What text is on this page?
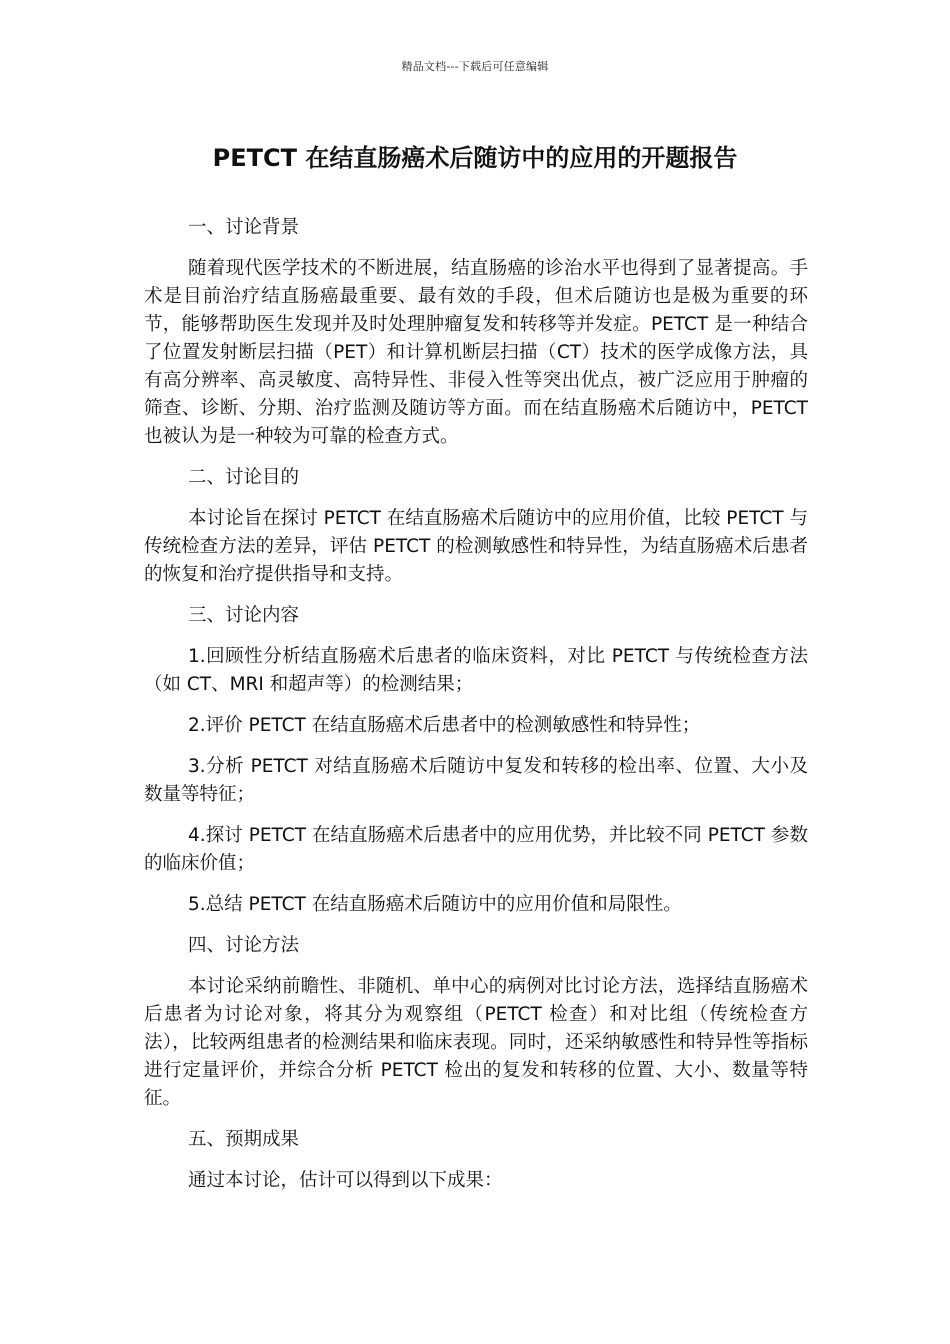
精品文档---下载后可任意编辑
PETCT 在结直肠癌术后随访中的应用的开题报告

一、讨论背景

随着现代医学技术的不断进展，结直肠癌的诊治水平也得到了显著提高。手术是目前治疗结直肠癌最重要、最有效的手段，但术后随访也是极为重要的环节，能够帮助医生发现并及时处理肿瘤复发和转移等并发症。PETCT 是一种结合了位置发射断层扫描（PET）和计算机断层扫描（CT）技术的医学成像方法，具有高分辨率、高灵敏度、高特异性、非侵入性等突出优点，被广泛应用于肿瘤的筛查、诊断、分期、治疗监测及随访等方面。而在结直肠癌术后随访中，PETCT 也被认为是一种较为可靠的检查方式。

二、讨论目的

本讨论旨在探讨 PETCT 在结直肠癌术后随访中的应用价值，比较 PETCT 与传统检查方法的差异，评估 PETCT 的检测敏感性和特异性，为结直肠癌术后患者的恢复和治疗提供指导和支持。

三、讨论内容

1.回顾性分析结直肠癌术后患者的临床资料，对比 PETCT 与传统检查方法（如 CT、MRI 和超声等）的检测结果；

2.评价 PETCT 在结直肠癌术后患者中的检测敏感性和特异性；

3.分析 PETCT 对结直肠癌术后随访中复发和转移的检出率、位置、大小及数量等特征；

4.探讨 PETCT 在结直肠癌术后患者中的应用优势，并比较不同 PETCT 参数的临床价值；

5.总结 PETCT 在结直肠癌术后随访中的应用价值和局限性。

四、讨论方法

本讨论采纳前瞻性、非随机、单中心的病例对比讨论方法，选择结直肠癌术后患者为讨论对象，将其分为观察组（PETCT 检查）和对比组（传统检查方法），比较两组患者的检测结果和临床表现。同时，还采纳敏感性和特异性等指标进行定量评价，并综合分析 PETCT 检出的复发和转移的位置、大小、数量等特征。

五、预期成果

通过本讨论，估计可以得到以下成果：
